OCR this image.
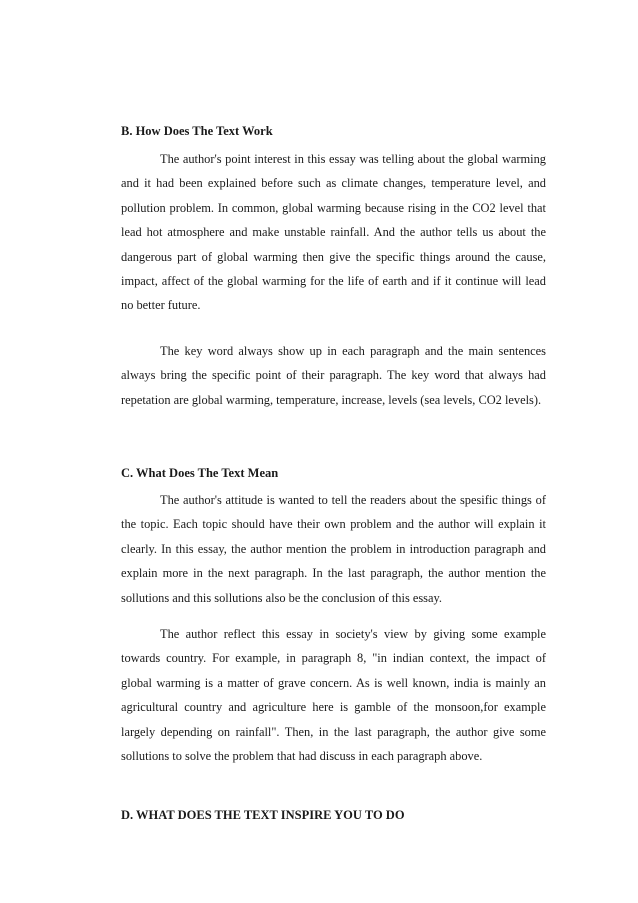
B. How Does The Text Work

The author's point interest in this essay was telling about the global warming and it had been explained before such as climate changes, temperature level, and pollution problem. In common, global warming because rising in the CO2 level that lead hot atmosphere and make unstable rainfall. And the author tells us about the dangerous part of global warming then give the specific things around the cause, impact, affect of the global warming for the life of earth and if it continue will lead no better future.

The key word always show up in each paragraph and the main sentences always bring the specific point of their paragraph. The key word that always had repetation are global warming, temperature, increase, levels (sea levels, CO2 levels).

C. What Does The Text Mean

The author's attitude is wanted to tell the readers about the spesific things of the topic. Each topic should have their own problem and the author will explain it clearly. In this essay, the author mention the problem in introduction paragraph and explain more in the next paragraph. In the last paragraph, the author mention the sollutions and this sollutions also be the conclusion of this essay.

The author reflect this essay in society's view by giving some example towards country. For example, in paragraph 8, "in indian context, the impact of global warming is a matter of grave concern. As is well known, india is mainly an agricultural country and agriculture here is gamble of the monsoon,for example largely depending on rainfall". Then, in the last paragraph, the author give some sollutions to solve the problem that had discuss in each paragraph above.

D. WHAT DOES THE TEXT INSPIRE YOU TO DO
